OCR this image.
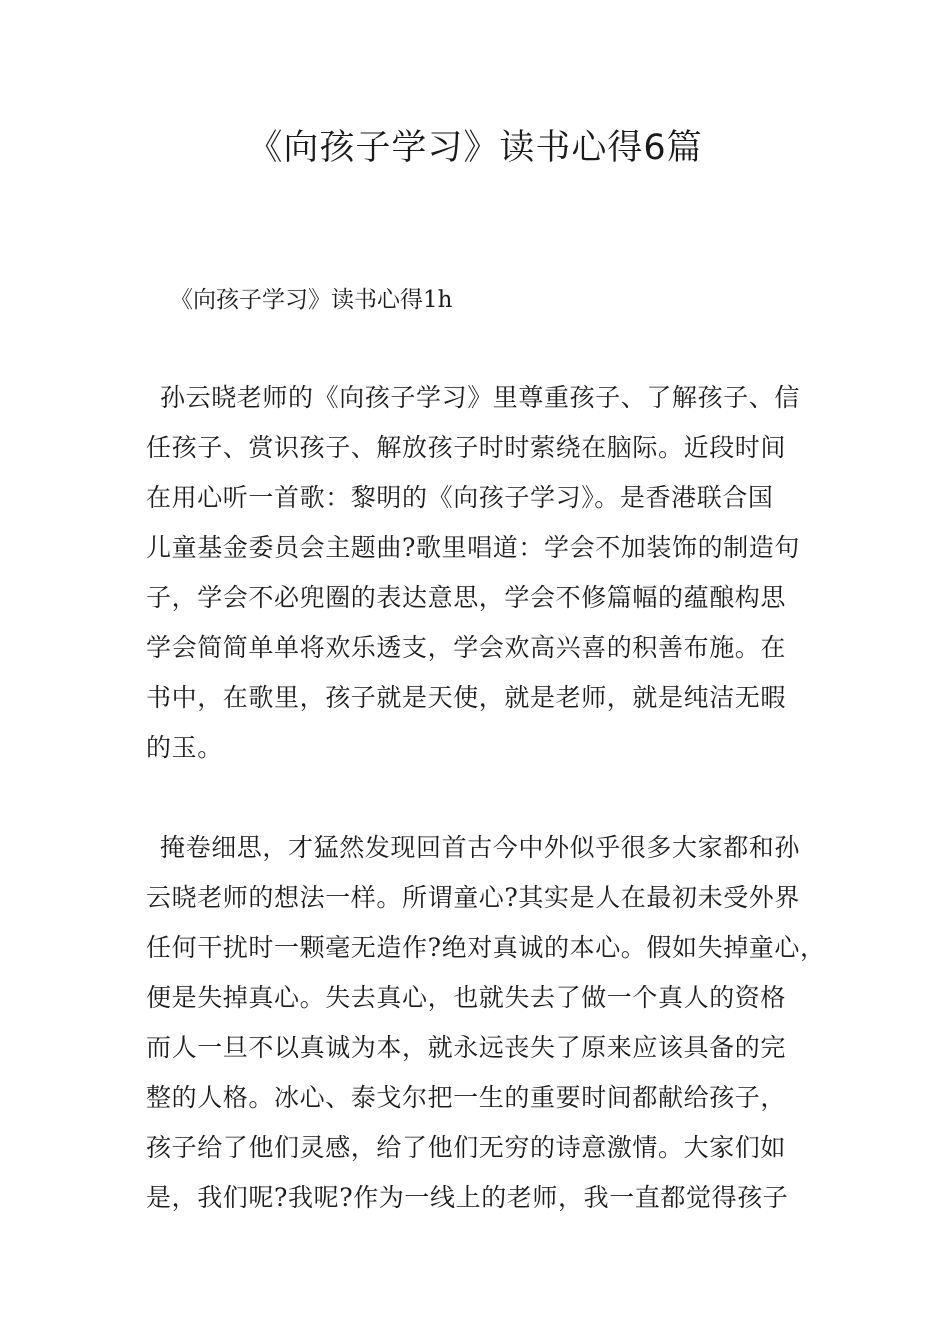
《向孩子学习》读书心得6篇
《向孩子学习》读书心得1h
孙云晓老师的《向孩子学习》里尊重孩子、了解孩子、信
任孩子、赏识孩子、解放孩子时时萦绕在脑际。近段时间
在用心听一首歌：黎明的《向孩子学习》。是香港联合国
儿童基金委员会主题曲?歌里唱道：学会不加装饰的制造句
子，学会不必兜圈的表达意思，学会不修篇幅的蕴酿构思
学会简简单单将欢乐透支，学会欢高兴喜的积善布施。在
书中，在歌里，孩子就是天使，就是老师，就是纯洁无暇
的玉。
掩卷细思，才猛然发现回首古今中外似乎很多大家都和孙
云晓老师的想法一样。所谓童心?其实是人在最初未受外界
任何干扰时一颗毫无造作?绝对真诚的本心。假如失掉童心，
便是失掉真心。失去真心，也就失去了做一个真人的资格
而人一旦不以真诚为本，就永远丧失了原来应该具备的完
整的人格。冰心、泰戈尔把一生的重要时间都献给孩子，
孩子给了他们灵感，给了他们无穷的诗意激情。大家们如
是，我们呢?我呢?作为一线上的老师，我一直都觉得孩子
